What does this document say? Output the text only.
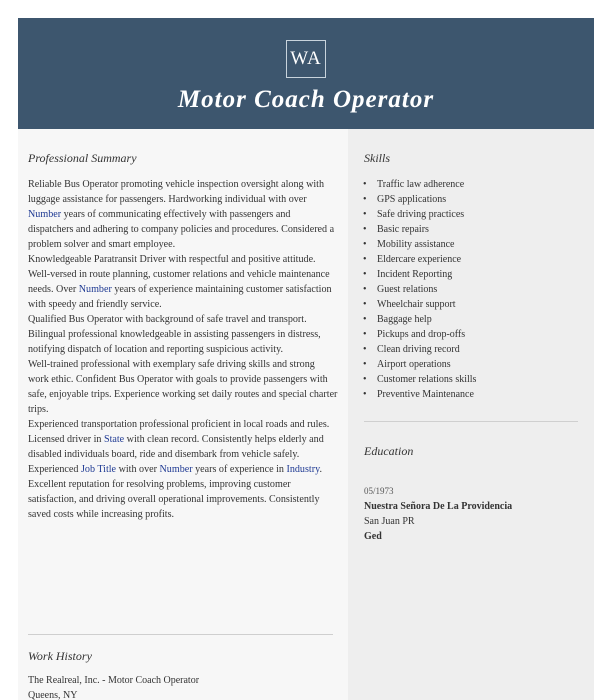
WA
Motor Coach Operator
Professional Summary
Reliable Bus Operator promoting vehicle inspection oversight along with luggage assistance for passengers. Hardworking individual with over Number years of communicating effectively with passengers and dispatchers and adhering to company policies and procedures. Considered a problem solver and smart employee.
Knowledgeable Paratransit Driver with respectful and positive attitude. Well-versed in route planning, customer relations and vehicle maintenance needs. Over Number years of experience maintaining customer satisfaction with speedy and friendly service.
Qualified Bus Operator with background of safe travel and transport. Bilingual professional knowledgeable in assisting passengers in distress, notifying dispatch of location and reporting suspicious activity.
Well-trained professional with exemplary safe driving skills and strong work ethic. Confident Bus Operator with goals to provide passengers with safe, enjoyable trips. Experience working set daily routes and special charter trips.
Experienced transportation professional proficient in local roads and rules. Licensed driver in State with clean record. Consistently helps elderly and disabled individuals board, ride and disembark from vehicle safely.
Experienced Job Title with over Number years of experience in Industry. Excellent reputation for resolving problems, improving customer satisfaction, and driving overall operational improvements. Consistently saved costs while increasing profits.
Work History
The Realreal, Inc. - Motor Coach Operator
Queens, NY
Skills
• Traffic law adherence
• GPS applications
• Safe driving practices
• Basic repairs
• Mobility assistance
• Eldercare experience
• Incident Reporting
• Guest relations
• Wheelchair support
• Baggage help
• Pickups and drop-offs
• Clean driving record
• Airport operations
• Customer relations skills
• Preventive Maintenance
Education
05/1973
Nuestra Señora De La Providencia
San Juan PR
Ged
